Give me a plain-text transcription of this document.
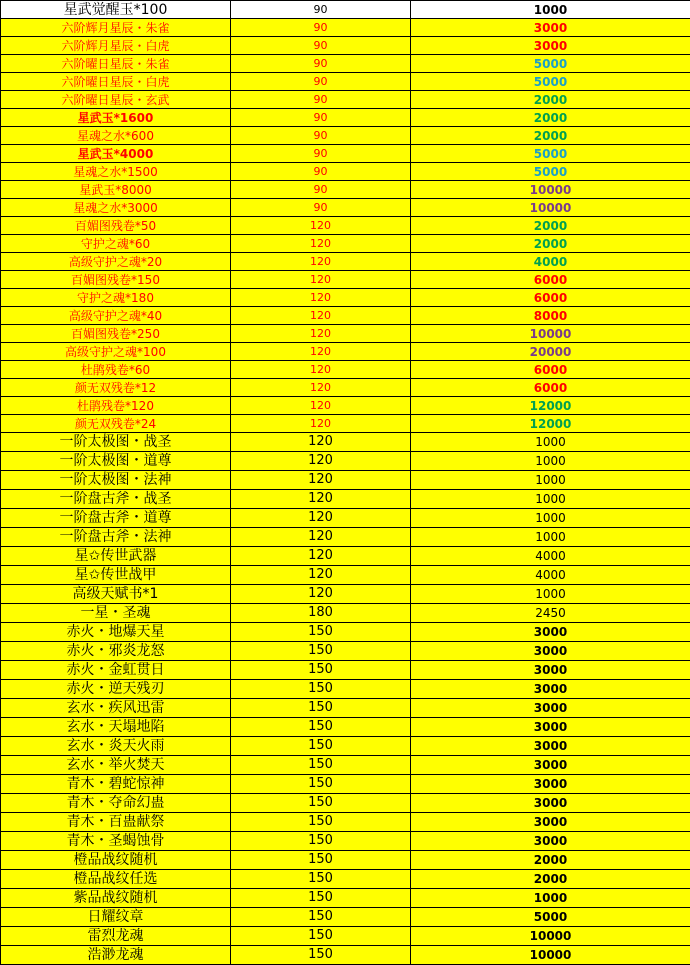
星武觉醒玉*100	90	1000
六阶辉月星辰・朱雀	90	3000
六阶辉月星辰・白虎	90	3000
六阶曜日星辰・朱雀	90	5000
六阶曜日星辰・白虎	90	5000
六阶曜日星辰・玄武	90	2000
星武玉*1600	90	2000
星魂之水*600	90	2000
星武玉*4000	90	5000
星魂之水*1500	90	5000
星武玉*8000	90	10000
星魂之水*3000	90	10000
百媚图残卷*50	120	2000
守护之魂*60	120	2000
高级守护之魂*20	120	4000
百媚图残卷*150	120	6000
守护之魂*180	120	6000
高级守护之魂*40	120	8000
百媚图残卷*250	120	10000
高级守护之魂*100	120	20000
杜鹃残卷*60	120	6000
颜无双残卷*12	120	6000
杜鹃残卷*120	120	12000
颜无双残卷*24	120	12000
一阶太极图・战圣	120	1000
一阶太极图・道尊	120	1000
一阶太极图・法神	120	1000
一阶盘古斧・战圣	120	1000
一阶盘古斧・道尊	120	1000
一阶盘古斧・法神	120	1000
星✩传世武器	120	4000
星✩传世战甲	120	4000
高级天赋书*1	120	1000
一星・圣魂	180	2450
赤火・地爆天星	150	3000
赤火・邪炎龙怒	150	3000
赤火・金虹贯日	150	3000
赤火・逆天残刃	150	3000
玄水・疾风迅雷	150	3000
玄水・天塌地陷	150	3000
玄水・炎天火雨	150	3000
玄水・举火焚天	150	3000
青木・碧蛇惊神	150	3000
青木・夺命幻蛊	150	3000
青木・百蛊献祭	150	3000
青木・圣蝎蚀骨	150	3000
橙品战纹随机	150	2000
橙品战纹任选	150	2000
紫品战纹随机	150	1000
日耀纹章	150	5000
雷烈龙魂	150	10000
浩渺龙魂	150	10000
